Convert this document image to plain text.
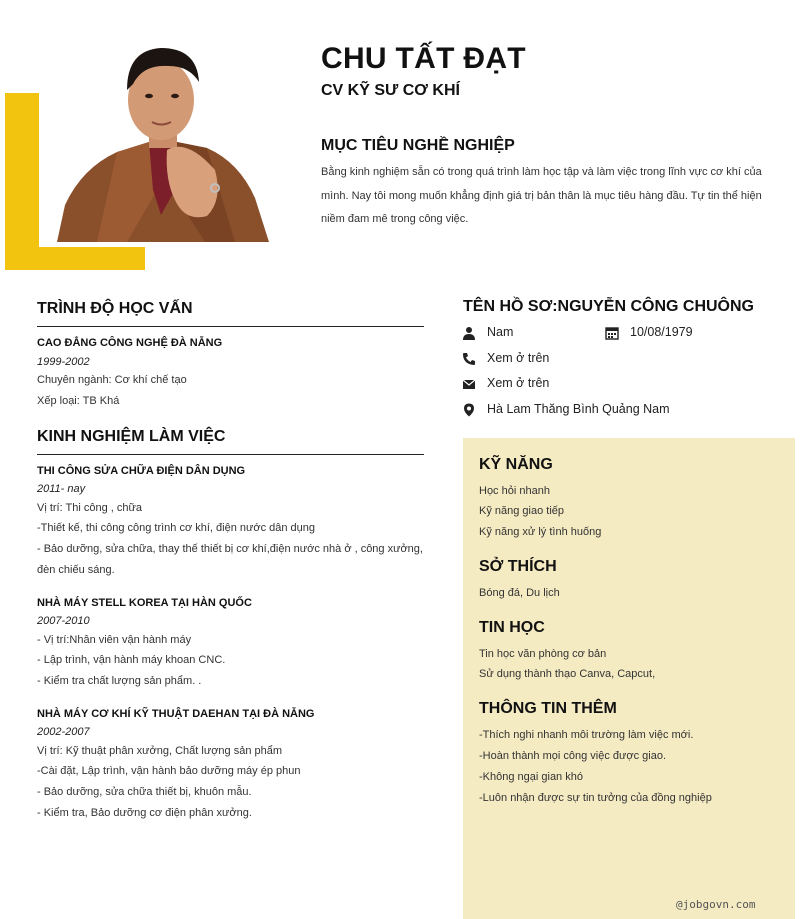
CHU TẤT ĐẠT
CV KỸ SƯ CƠ KHÍ
MỤC TIÊU NGHỀ NGHIỆP
Bằng kinh nghiệm sẵn có trong quá trình làm học tập và làm việc trong lĩnh vực cơ khí của mình. Nay tôi mong muốn khẳng định giá trị bản thân là mục tiêu hàng đầu. Tự tin thể hiện niềm đam mê trong công việc.
TRÌNH ĐỘ HỌC VẤN
CAO ĐẲNG CÔNG NGHỆ ĐÀ NẴNG
1999-2002
Chuyên ngành: Cơ khí chế tạo
Xếp loại: TB Khá
KINH NGHIỆM LÀM VIỆC
THI CÔNG SỬA CHỮA ĐIỆN DÂN DỤNG
2011- nay
Vị trí: Thi công , chữa
-Thiết kế, thi công công trình cơ khí, điện nước dân dụng
- Bảo dưỡng, sửa chữa, thay thế thiết bị cơ khí,điện nước nhà ở , công xưởng, đèn chiếu sáng.
NHÀ MÁY STELL KOREA TẠI HÀN QUỐC
2007-2010
- Vị trí:Nhân viên vận hành máy
- Lập trình, vận hành máy khoan CNC.
- Kiểm tra chất lượng sản phẩm. .
NHÀ MÁY CƠ KHÍ KỸ THUẬT DAEHAN TẠI ĐÀ NẴNG
2002-2007
Vị trí: Kỹ thuật phân xưởng, Chất lượng sản phẩm
-Cài đặt, Lập trình, vận hành bảo dưỡng máy ép phun
- Bảo dưỡng, sửa chữa thiết bị, khuôn mẫu.
- Kiểm tra, Bảo dưỡng cơ điện phân xưởng.
TÊN HỒ SƠ:NGUYỄN CÔNG CHUÔNG
Nam	10/08/1979
Xem ở trên
Xem ở trên
Hà Lam Thăng Bình Quảng Nam
KỸ NĂNG
Học hỏi nhanh
Kỹ năng giao tiếp
Kỹ năng xử lý tình huống
SỞ THÍCH
Bóng đá, Du lịch
TIN HỌC
Tin học văn phòng cơ bản
Sử dụng thành thạo Canva, Capcut,
THÔNG TIN THÊM
-Thích nghi nhanh môi trường làm việc mới.
-Hoàn thành mọi công việc được giao.
-Không ngại gian khó
-Luôn nhận được sự tin tưởng của đồng nghiệp
@jobgovn.com
